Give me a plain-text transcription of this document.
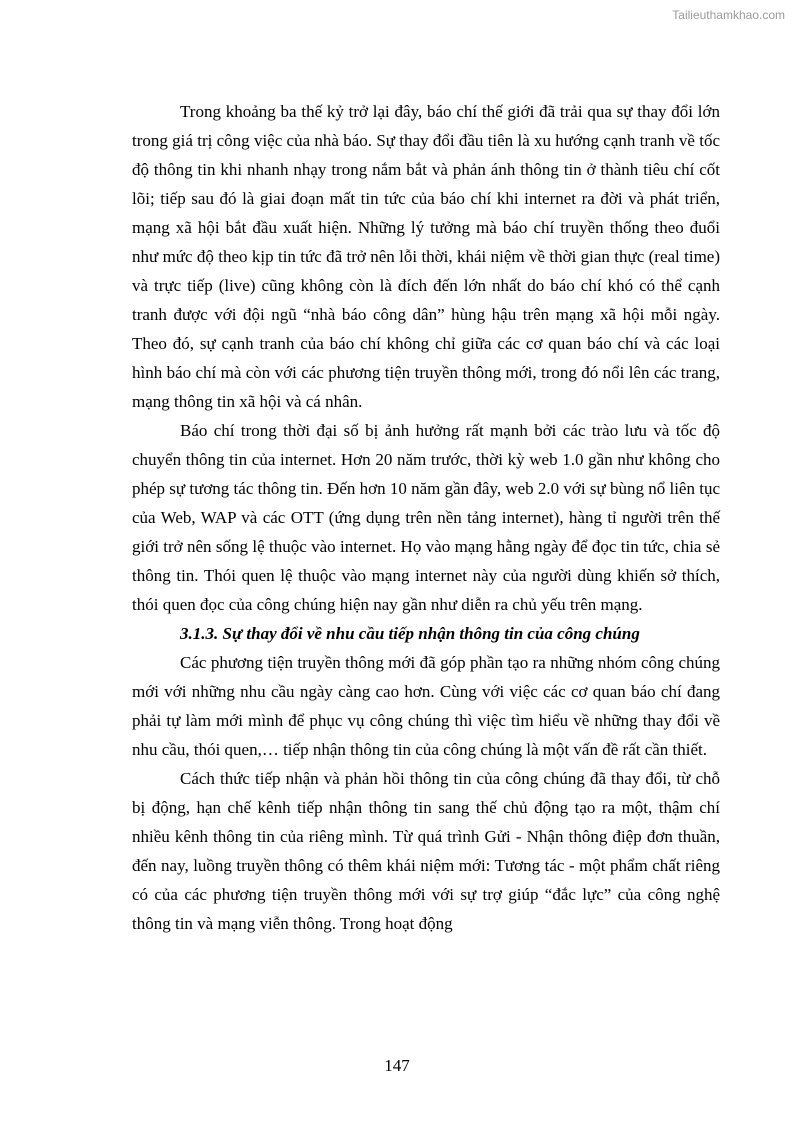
Tailieuthamkhao.com

Trong khoảng ba thế kỷ trở lại đây, báo chí thế giới đã trải qua sự thay đổi lớn trong giá trị công việc của nhà báo. Sự thay đổi đầu tiên là xu hướng cạnh tranh về tốc độ thông tin khi nhanh nhạy trong nắm bắt và phản ánh thông tin ở thành tiêu chí cốt lõi; tiếp sau đó là giai đoạn mất tin tức của báo chí khi internet ra đời và phát triển, mạng xã hội bắt đầu xuất hiện. Những lý tưởng mà báo chí truyền thống theo đuổi như mức độ theo kịp tin tức đã trở nên lỗi thời, khái niệm về thời gian thực (real time) và trực tiếp (live) cũng không còn là đích đến lớn nhất do báo chí khó có thể cạnh tranh được với đội ngũ “nhà báo công dân” hùng hậu trên mạng xã hội mỗi ngày. Theo đó, sự cạnh tranh của báo chí không chỉ giữa các cơ quan báo chí và các loại hình báo chí mà còn với các phương tiện truyền thông mới, trong đó nổi lên các trang, mạng thông tin xã hội và cá nhân.

Báo chí trong thời đại số bị ảnh hưởng rất mạnh bởi các trào lưu và tốc độ chuyển thông tin của internet. Hơn 20 năm trước, thời kỳ web 1.0 gần như không cho phép sự tương tác thông tin. Đến hơn 10 năm gần đây, web 2.0 với sự bùng nổ liên tục của Web, WAP và các OTT (ứng dụng trên nền tảng internet), hàng tỉ người trên thế giới trở nên sống lệ thuộc vào internet. Họ vào mạng hằng ngày để đọc tin tức, chia sẻ thông tin. Thói quen lệ thuộc vào mạng internet này của người dùng khiến sở thích, thói quen đọc của công chúng hiện nay gần như diễn ra chủ yếu trên mạng.

3.1.3. Sự thay đổi về nhu cầu tiếp nhận thông tin của công chúng

Các phương tiện truyền thông mới đã góp phần tạo ra những nhóm công chúng mới với những nhu cầu ngày càng cao hơn. Cùng với việc các cơ quan báo chí đang phải tự làm mới mình để phục vụ công chúng thì việc tìm hiểu về những thay đổi về nhu cầu, thói quen,… tiếp nhận thông tin của công chúng là một vấn đề rất cần thiết.

Cách thức tiếp nhận và phản hồi thông tin của công chúng đã thay đổi, từ chỗ bị động, hạn chế kênh tiếp nhận thông tin sang thế chủ động tạo ra một, thậm chí nhiều kênh thông tin của riêng mình. Từ quá trình Gửi - Nhận thông điệp đơn thuần, đến nay, luồng truyền thông có thêm khái niệm mới: Tương tác - một phẩm chất riêng có của các phương tiện truyền thông mới với sự trợ giúp “đắc lực” của công nghệ thông tin và mạng viễn thông. Trong hoạt động

147
